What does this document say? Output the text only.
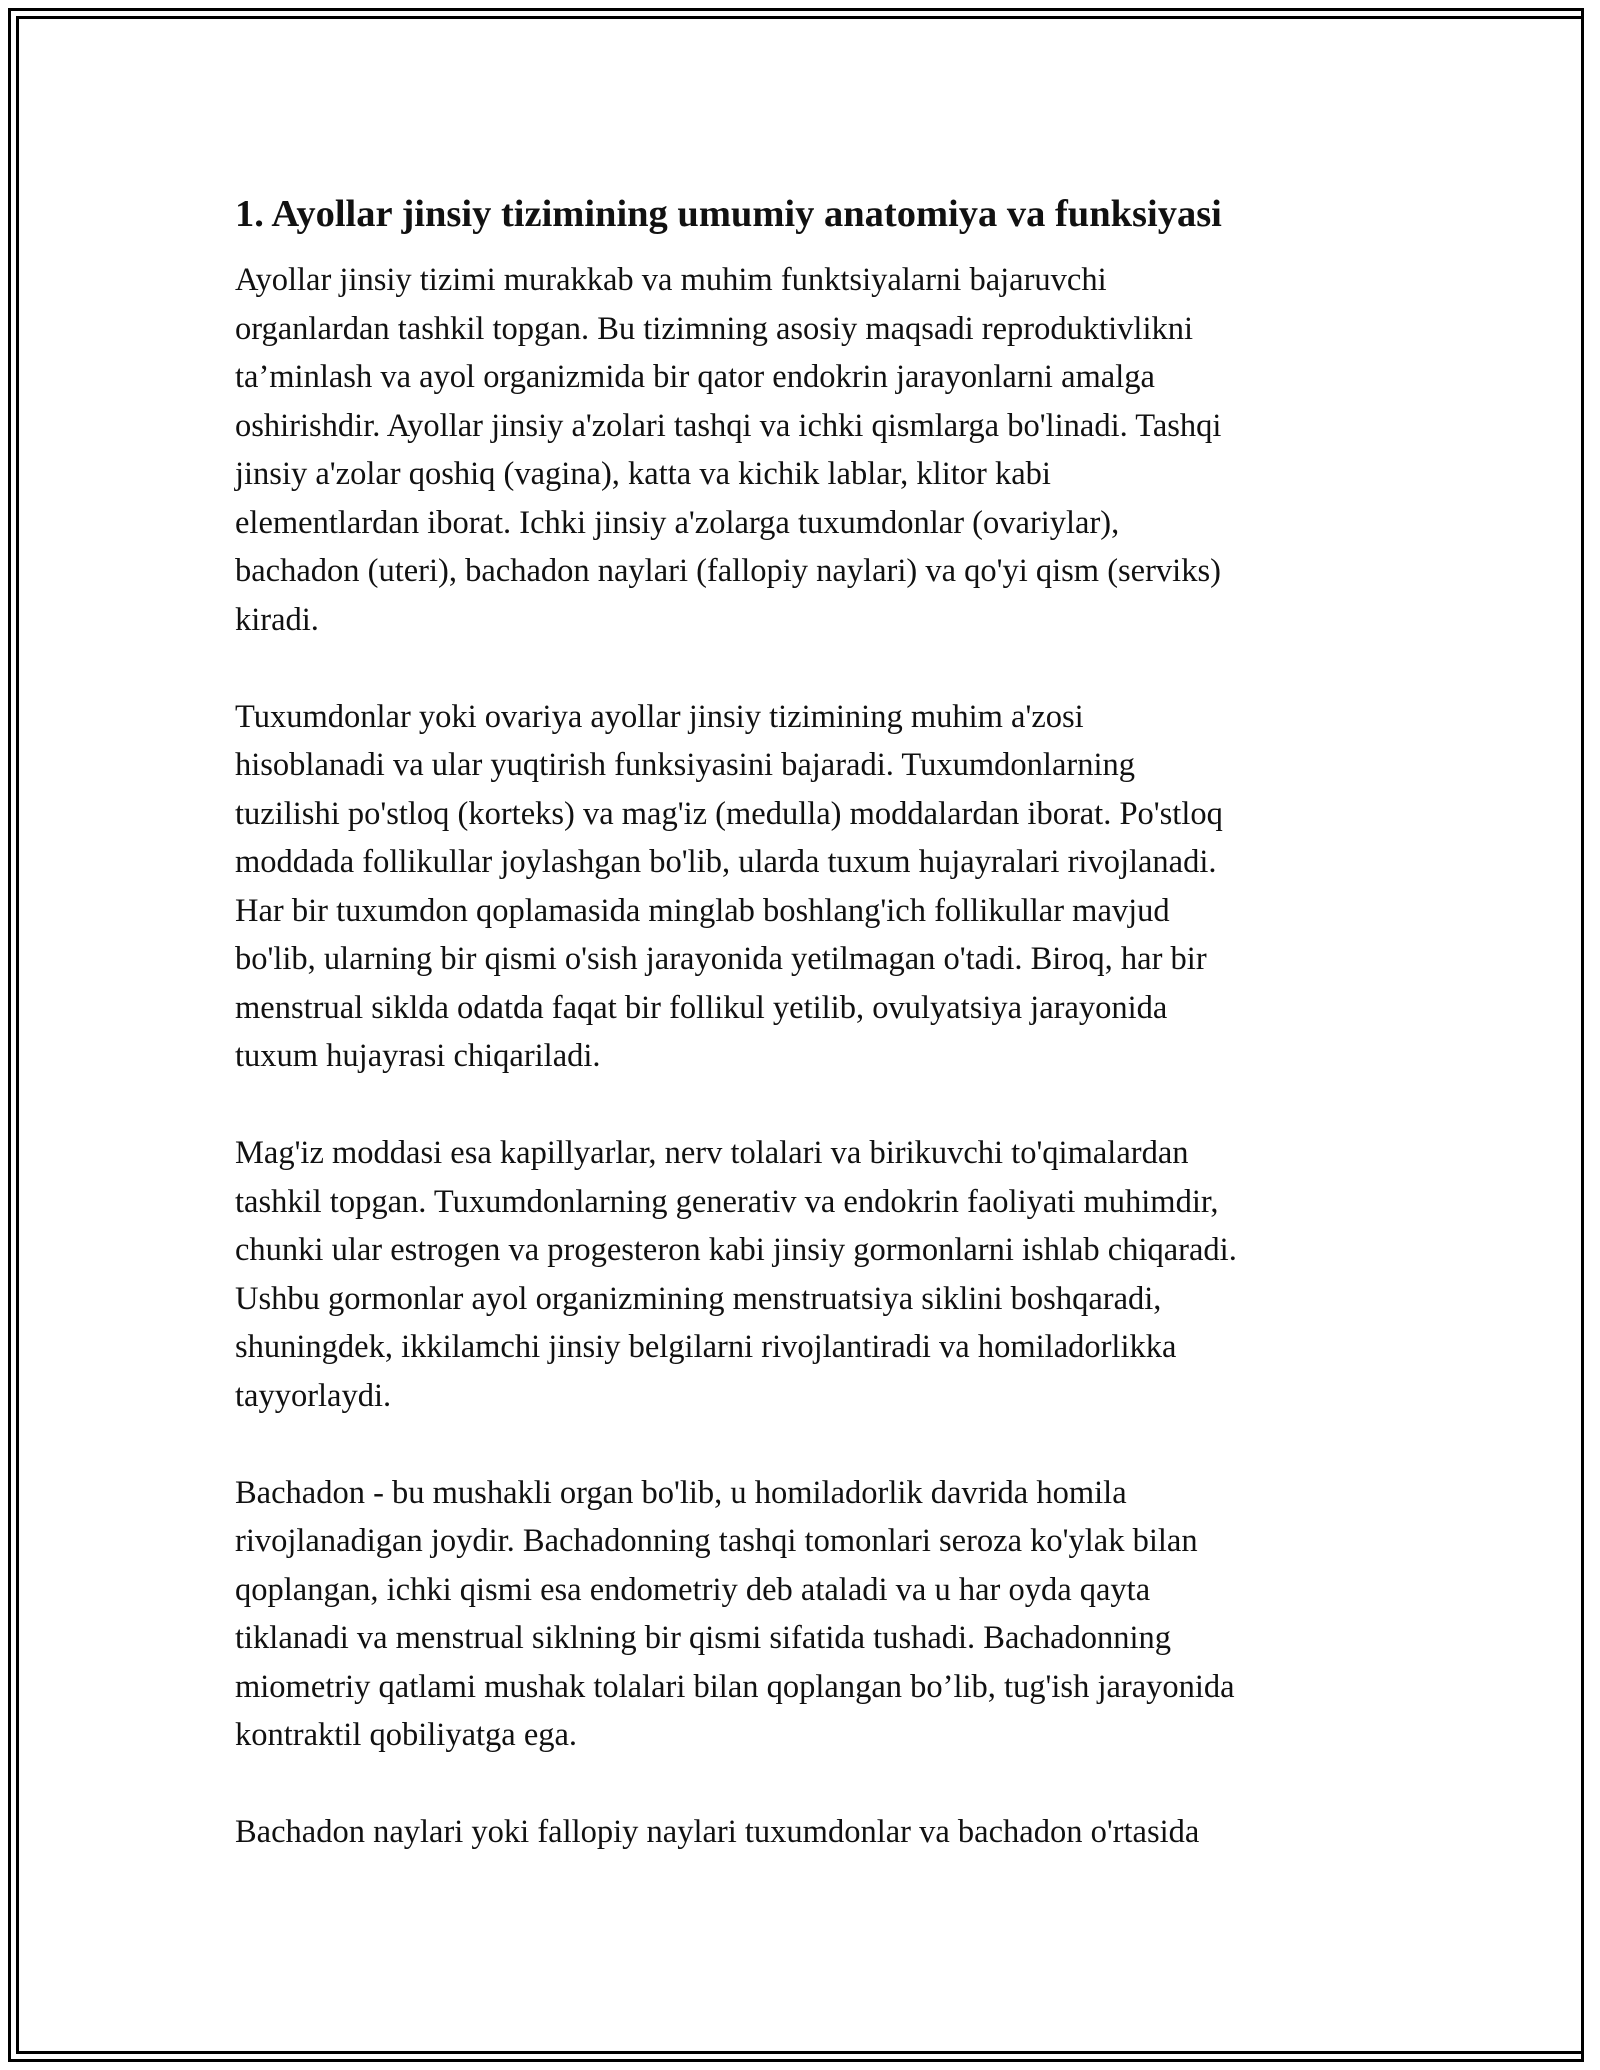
1. Ayollar jinsiy tizimining umumiy anatomiya va funksiyasi
Ayollar jinsiy tizimi murakkab va muhim funktsiyalarni bajaruvchi
organlardan tashkil topgan. Bu tizimning asosiy maqsadi reproduktivlikni
ta’minlash va ayol organizmida bir qator endokrin jarayonlarni amalga
oshirishdir. Ayollar jinsiy a'zolari tashqi va ichki qismlarga bo'linadi. Tashqi
jinsiy a'zolar qoshiq (vagina), katta va kichik lablar, klitor kabi
elementlardan iborat. Ichki jinsiy a'zolarga tuxumdonlar (ovariylar),
bachadon (uteri), bachadon naylari (fallopiy naylari) va qo'yi qism (serviks)
kiradi.
Tuxumdonlar yoki ovariya ayollar jinsiy tizimining muhim a'zosi
hisoblanadi va ular yuqtirish funksiyasini bajaradi. Tuxumdonlarning
tuzilishi po'stloq (korteks) va mag'iz (medulla) moddalardan iborat. Po'stloq
moddada follikullar joylashgan bo'lib, ularda tuxum hujayralari rivojlanadi.
Har bir tuxumdon qoplamasida minglab boshlang'ich follikullar mavjud
bo'lib, ularning bir qismi o'sish jarayonida yetilmagan o'tadi. Biroq, har bir
menstrual siklda odatda faqat bir follikul yetilib, ovulyatsiya jarayonida
tuxum hujayrasi chiqariladi.
Mag'iz moddasi esa kapillyarlar, nerv tolalari va birikuvchi to'qimalardan
tashkil topgan. Tuxumdonlarning generativ va endokrin faoliyati muhimdir,
chunki ular estrogen va progesteron kabi jinsiy gormonlarni ishlab chiqaradi.
Ushbu gormonlar ayol organizmining menstruatsiya siklini boshqaradi,
shuningdek, ikkilamchi jinsiy belgilarni rivojlantiradi va homiladorlikka
tayyorlaydi.
Bachadon - bu mushakli organ bo'lib, u homiladorlik davrida homila
rivojlanadigan joydir. Bachadonning tashqi tomonlari seroza ko'ylak bilan
qoplangan, ichki qismi esa endometriy deb ataladi va u har oyda qayta
tiklanadi va menstrual siklning bir qismi sifatida tushadi. Bachadonning
miometriy qatlami mushak tolalari bilan qoplangan bo’lib, tug'ish jarayonida
kontraktil qobiliyatga ega.
Bachadon naylari yoki fallopiy naylari tuxumdonlar va bachadon o'rtasida
